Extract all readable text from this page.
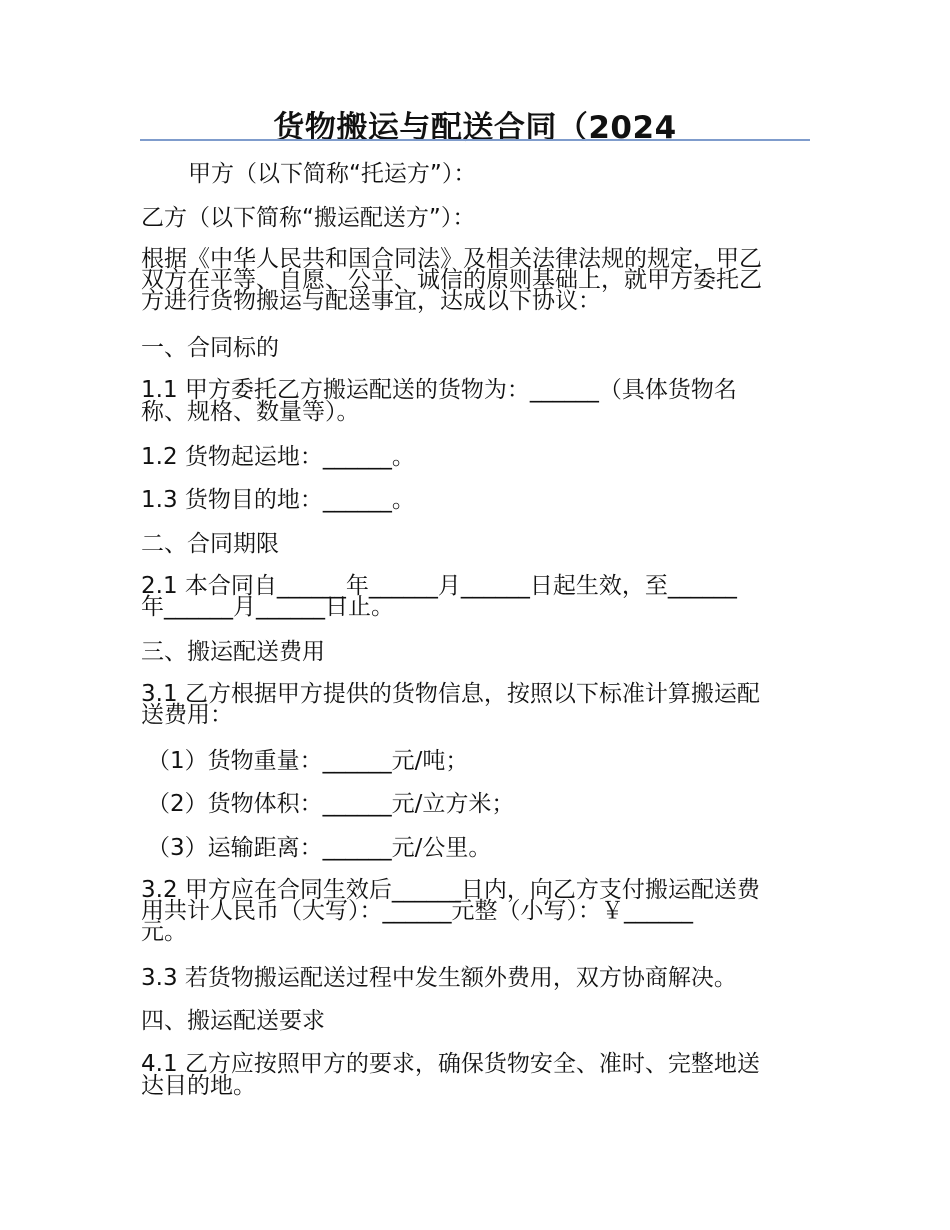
货物搬运与配送合同（2024
甲方（以下简称“托运方”）：
乙方（以下简称“搬运配送方”）：
根据《中华人民共和国合同法》及相关法律法规的规定，甲乙
双方在平等、自愿、公平、诚信的原则基础上，就甲方委托乙
方进行货物搬运与配送事宜，达成以下协议：
一、合同标的
1.1 甲方委托乙方搬运配送的货物为：______（具体货物名
称、规格、数量等）。
1.2 货物起运地：______。
1.3 货物目的地：______。
二、合同期限
2.1 本合同自______年______月______日起生效，至______
年______月______日止。
三、搬运配送费用
3.1 乙方根据甲方提供的货物信息，按照以下标准计算搬运配
送费用：
（1）货物重量：______元/吨；
（2）货物体积：______元/立方米；
（3）运输距离：______元/公里。
3.2 甲方应在合同生效后______日内，向乙方支付搬运配送费
用共计人民币（大写）：______元整（小写）：￥______
元。
3.3 若货物搬运配送过程中发生额外费用，双方协商解决。
四、搬运配送要求
4.1 乙方应按照甲方的要求，确保货物安全、准时、完整地送
达目的地。
